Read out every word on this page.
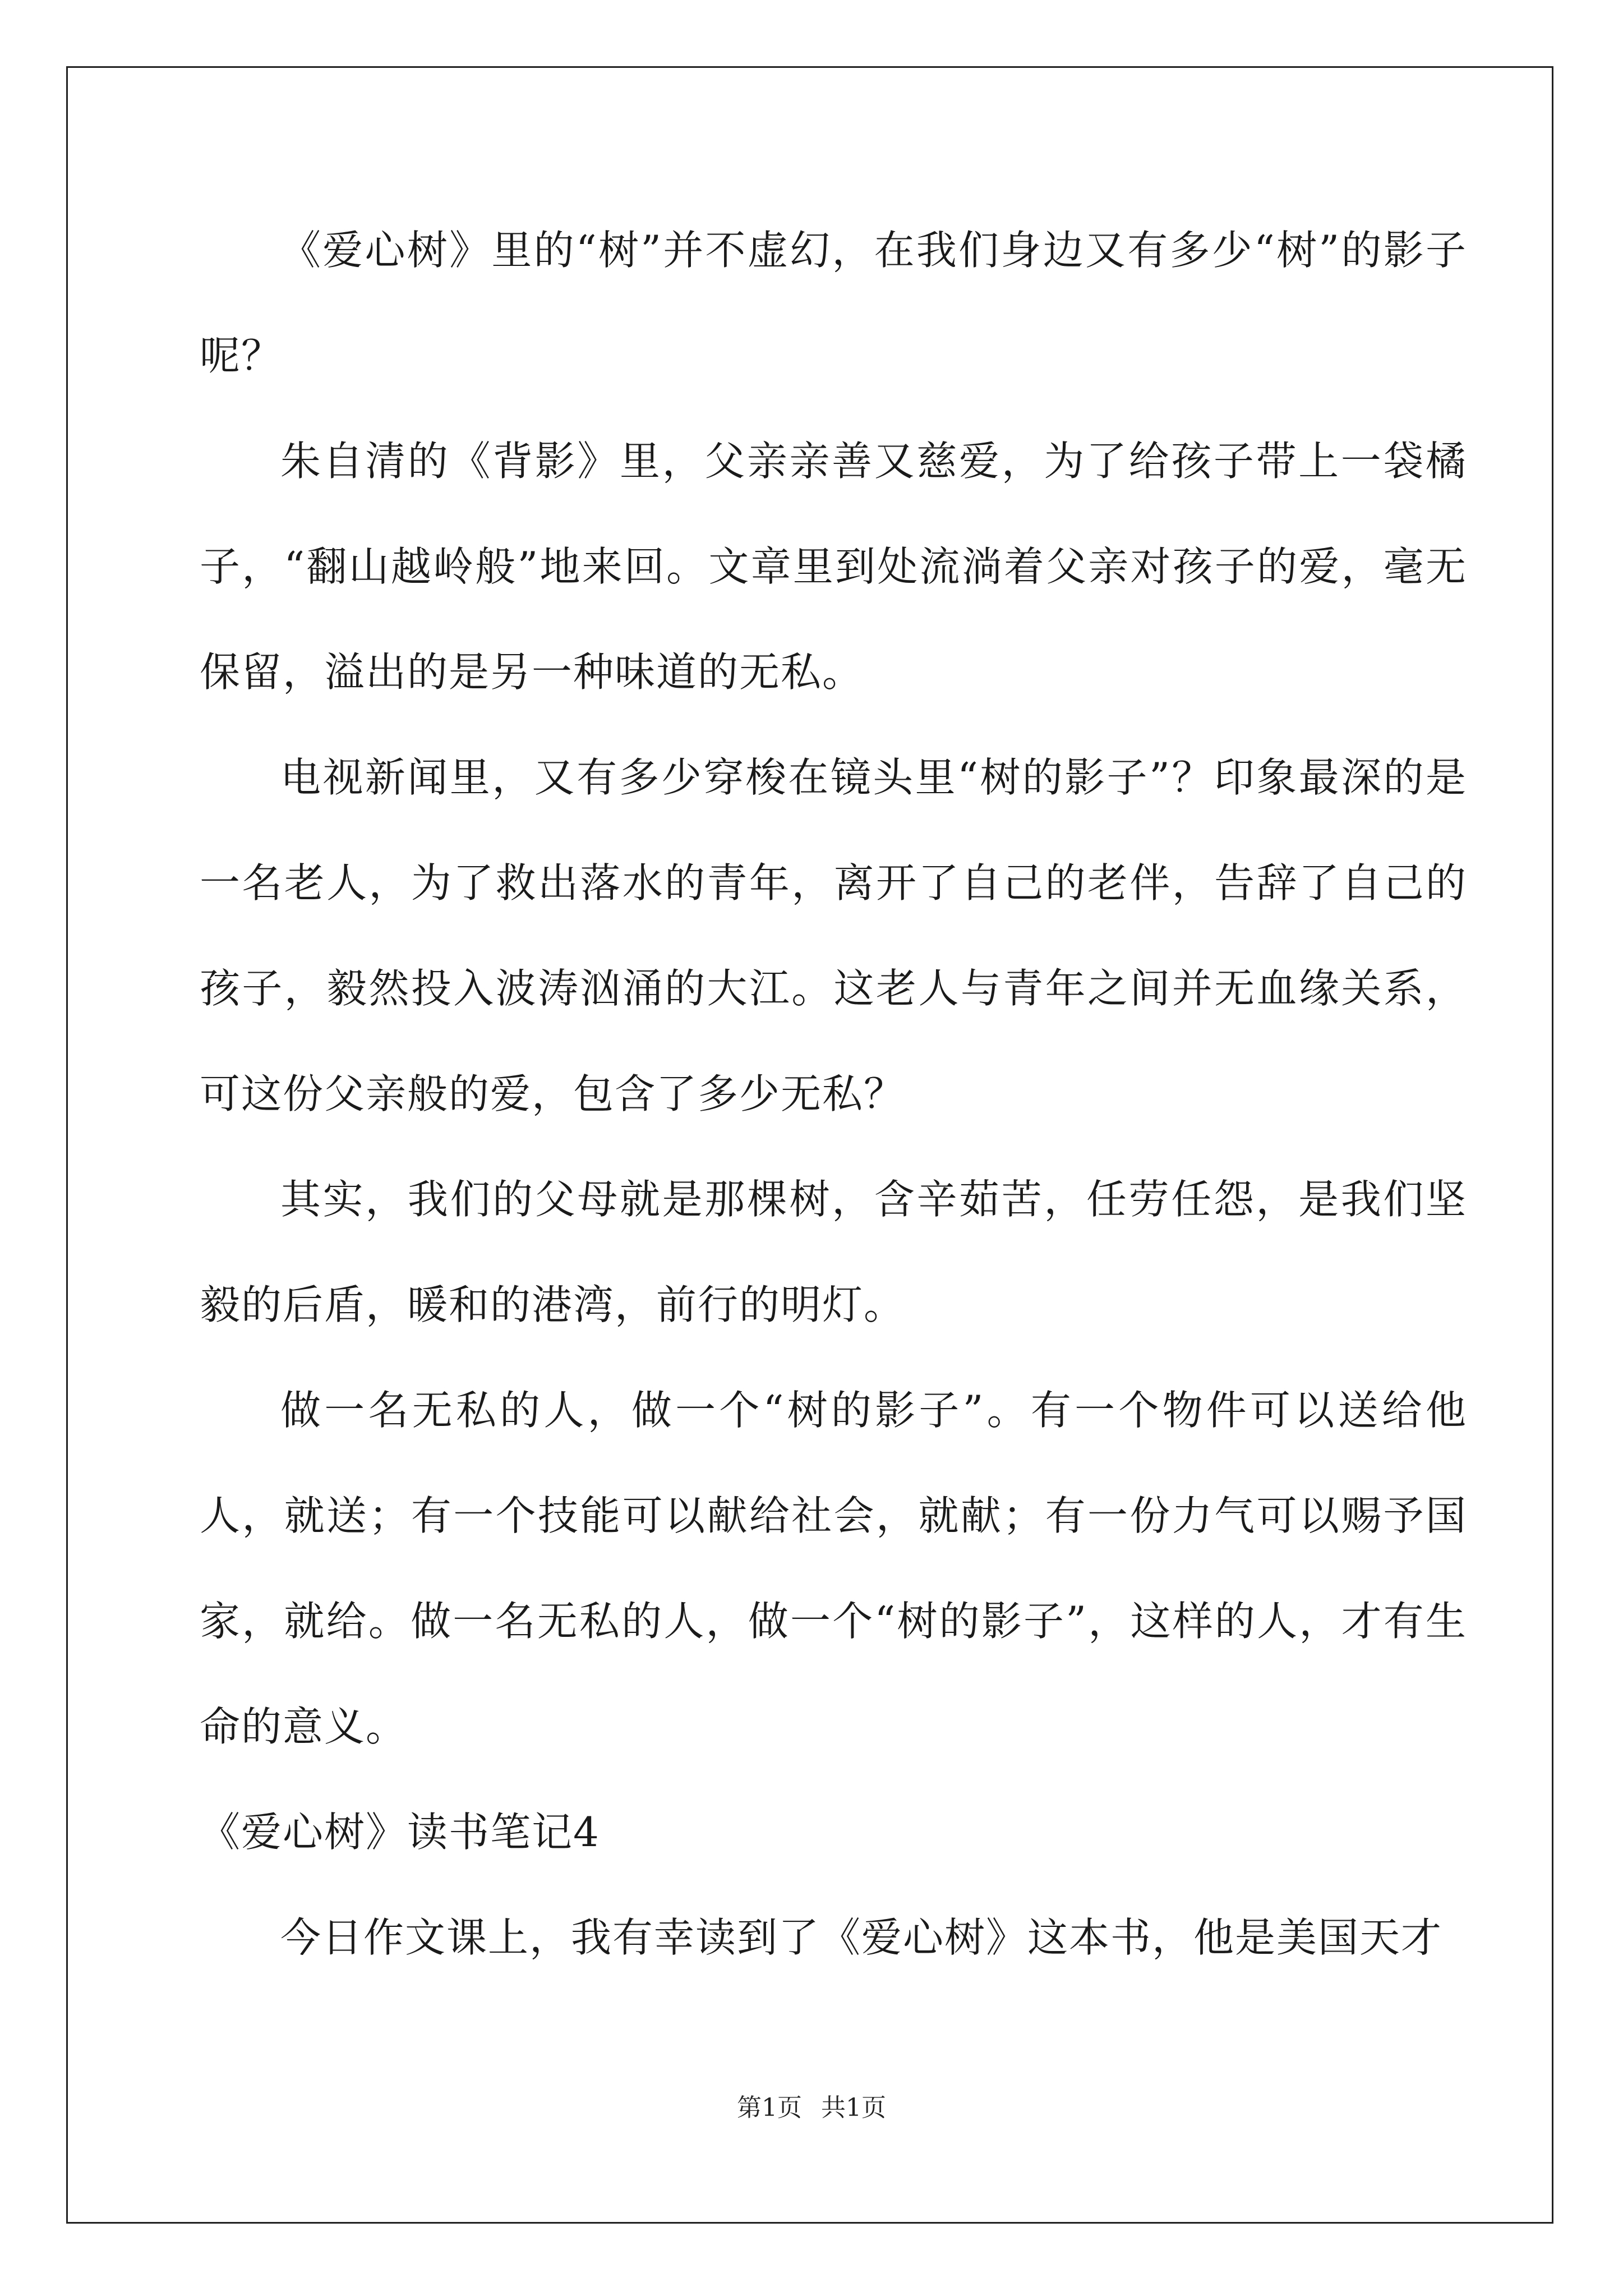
《爱心树》里的“树”并不虚幻，在我们身边又有多少“树”的影子呢？

朱自清的《背影》里，父亲亲善又慈爱，为了给孩子带上一袋橘子，“翻山越岭般”地来回。文章里到处流淌着父亲对孩子的爱，毫无保留，溢出的是另一种味道的无私。

电视新闻里，又有多少穿梭在镜头里“树的影子”？印象最深的是一名老人，为了救出落水的青年，离开了自己的老伴，告辞了自己的孩子，毅然投入波涛汹涌的大江。这老人与青年之间并无血缘关系，可这份父亲般的爱，包含了多少无私？

其实，我们的父母就是那棵树，含辛茹苦，任劳任怨，是我们坚毅的后盾，暖和的港湾，前行的明灯。

做一名无私的人，做一个“树的影子”。有一个物件可以送给他人，就送；有一个技能可以献给社会，就献；有一份力气可以赐予国家，就给。做一名无私的人，做一个“树的影子”，这样的人，才有生命的意义。

《爱心树》读书笔记4

今日作文课上，我有幸读到了《爱心树》这本书，他是美国天才

第1页 共1页
